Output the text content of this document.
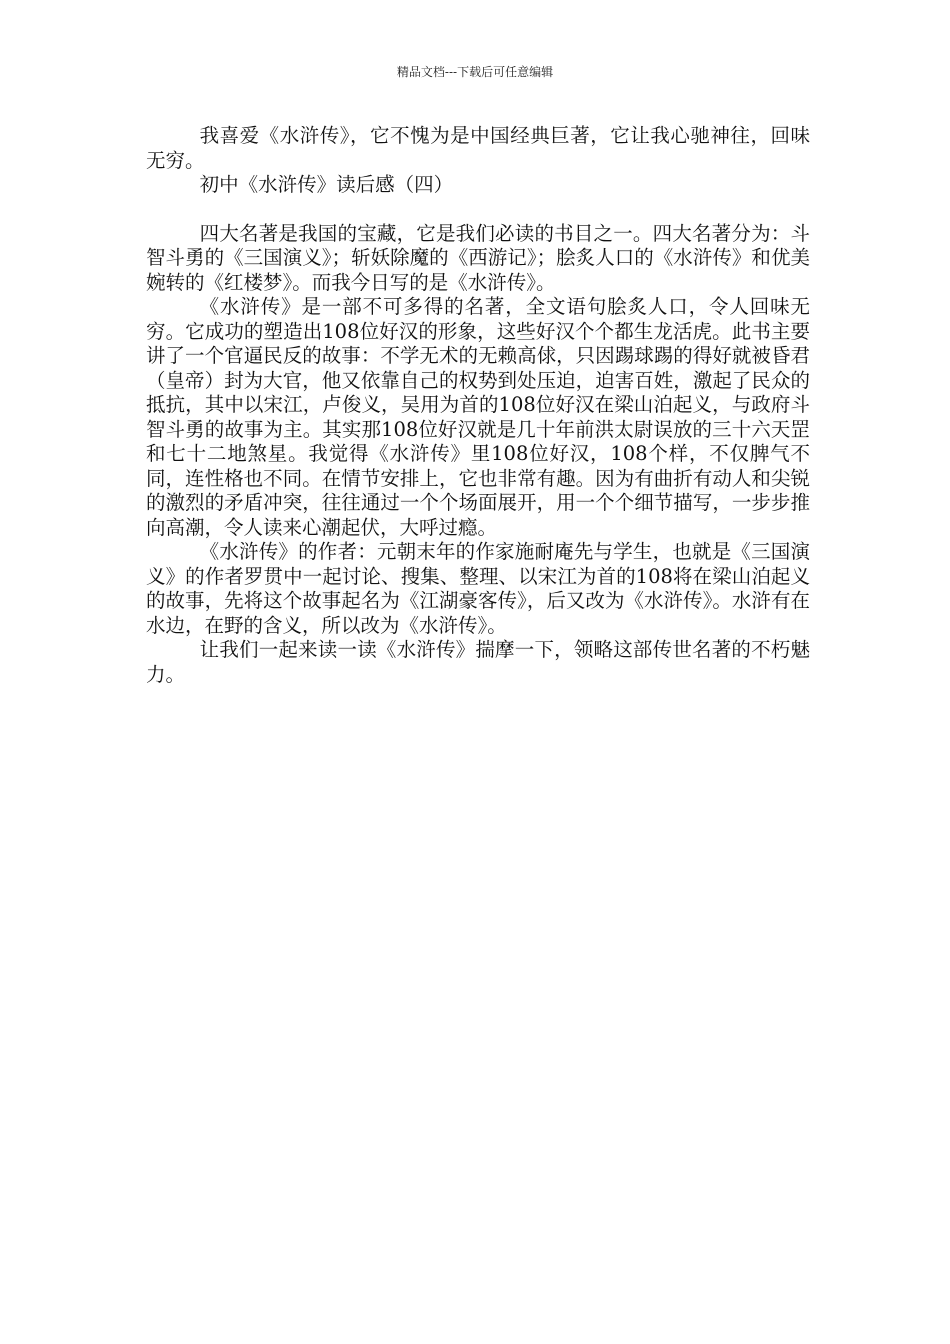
精品文档---下载后可任意编辑

我喜爱《水浒传》，它不愧为是中国经典巨著，它让我心驰神往，回味无穷。

初中《水浒传》读后感（四）

四大名著是我国的宝藏，它是我们必读的书目之一。四大名著分为：斗智斗勇的《三国演义》；斩妖除魔的《西游记》；脍炙人口的《水浒传》和优美婉转的《红楼梦》。而我今日写的是《水浒传》。

《水浒传》是一部不可多得的名著，全文语句脍炙人口，令人回味无穷。它成功的塑造出108位好汉的形象，这些好汉个个都生龙活虎。此书主要讲了一个官逼民反的故事：不学无术的无赖高俅，只因踢球踢的得好就被昏君（皇帝）封为大官，他又依靠自己的权势到处压迫，迫害百姓，激起了民众的抵抗，其中以宋江，卢俊义，吴用为首的108位好汉在梁山泊起义，与政府斗智斗勇的故事为主。其实那108位好汉就是几十年前洪太尉误放的三十六天罡和七十二地煞星。我觉得《水浒传》里108位好汉，108个样，不仅脾气不同，连性格也不同。在情节安排上，它也非常有趣。因为有曲折有动人和尖锐的激烈的矛盾冲突，往往通过一个个场面展开，用一个个细节描写，一步步推向高潮，令人读来心潮起伏，大呼过瘾。

《水浒传》的作者：元朝末年的作家施耐庵先与学生，也就是《三国演义》的作者罗贯中一起讨论、搜集、整理、以宋江为首的108将在梁山泊起义的故事，先将这个故事起名为《江湖豪客传》，后又改为《水浒传》。水浒有在水边，在野的含义，所以改为《水浒传》。

让我们一起来读一读《水浒传》揣摩一下，领略这部传世名著的不朽魅力。
